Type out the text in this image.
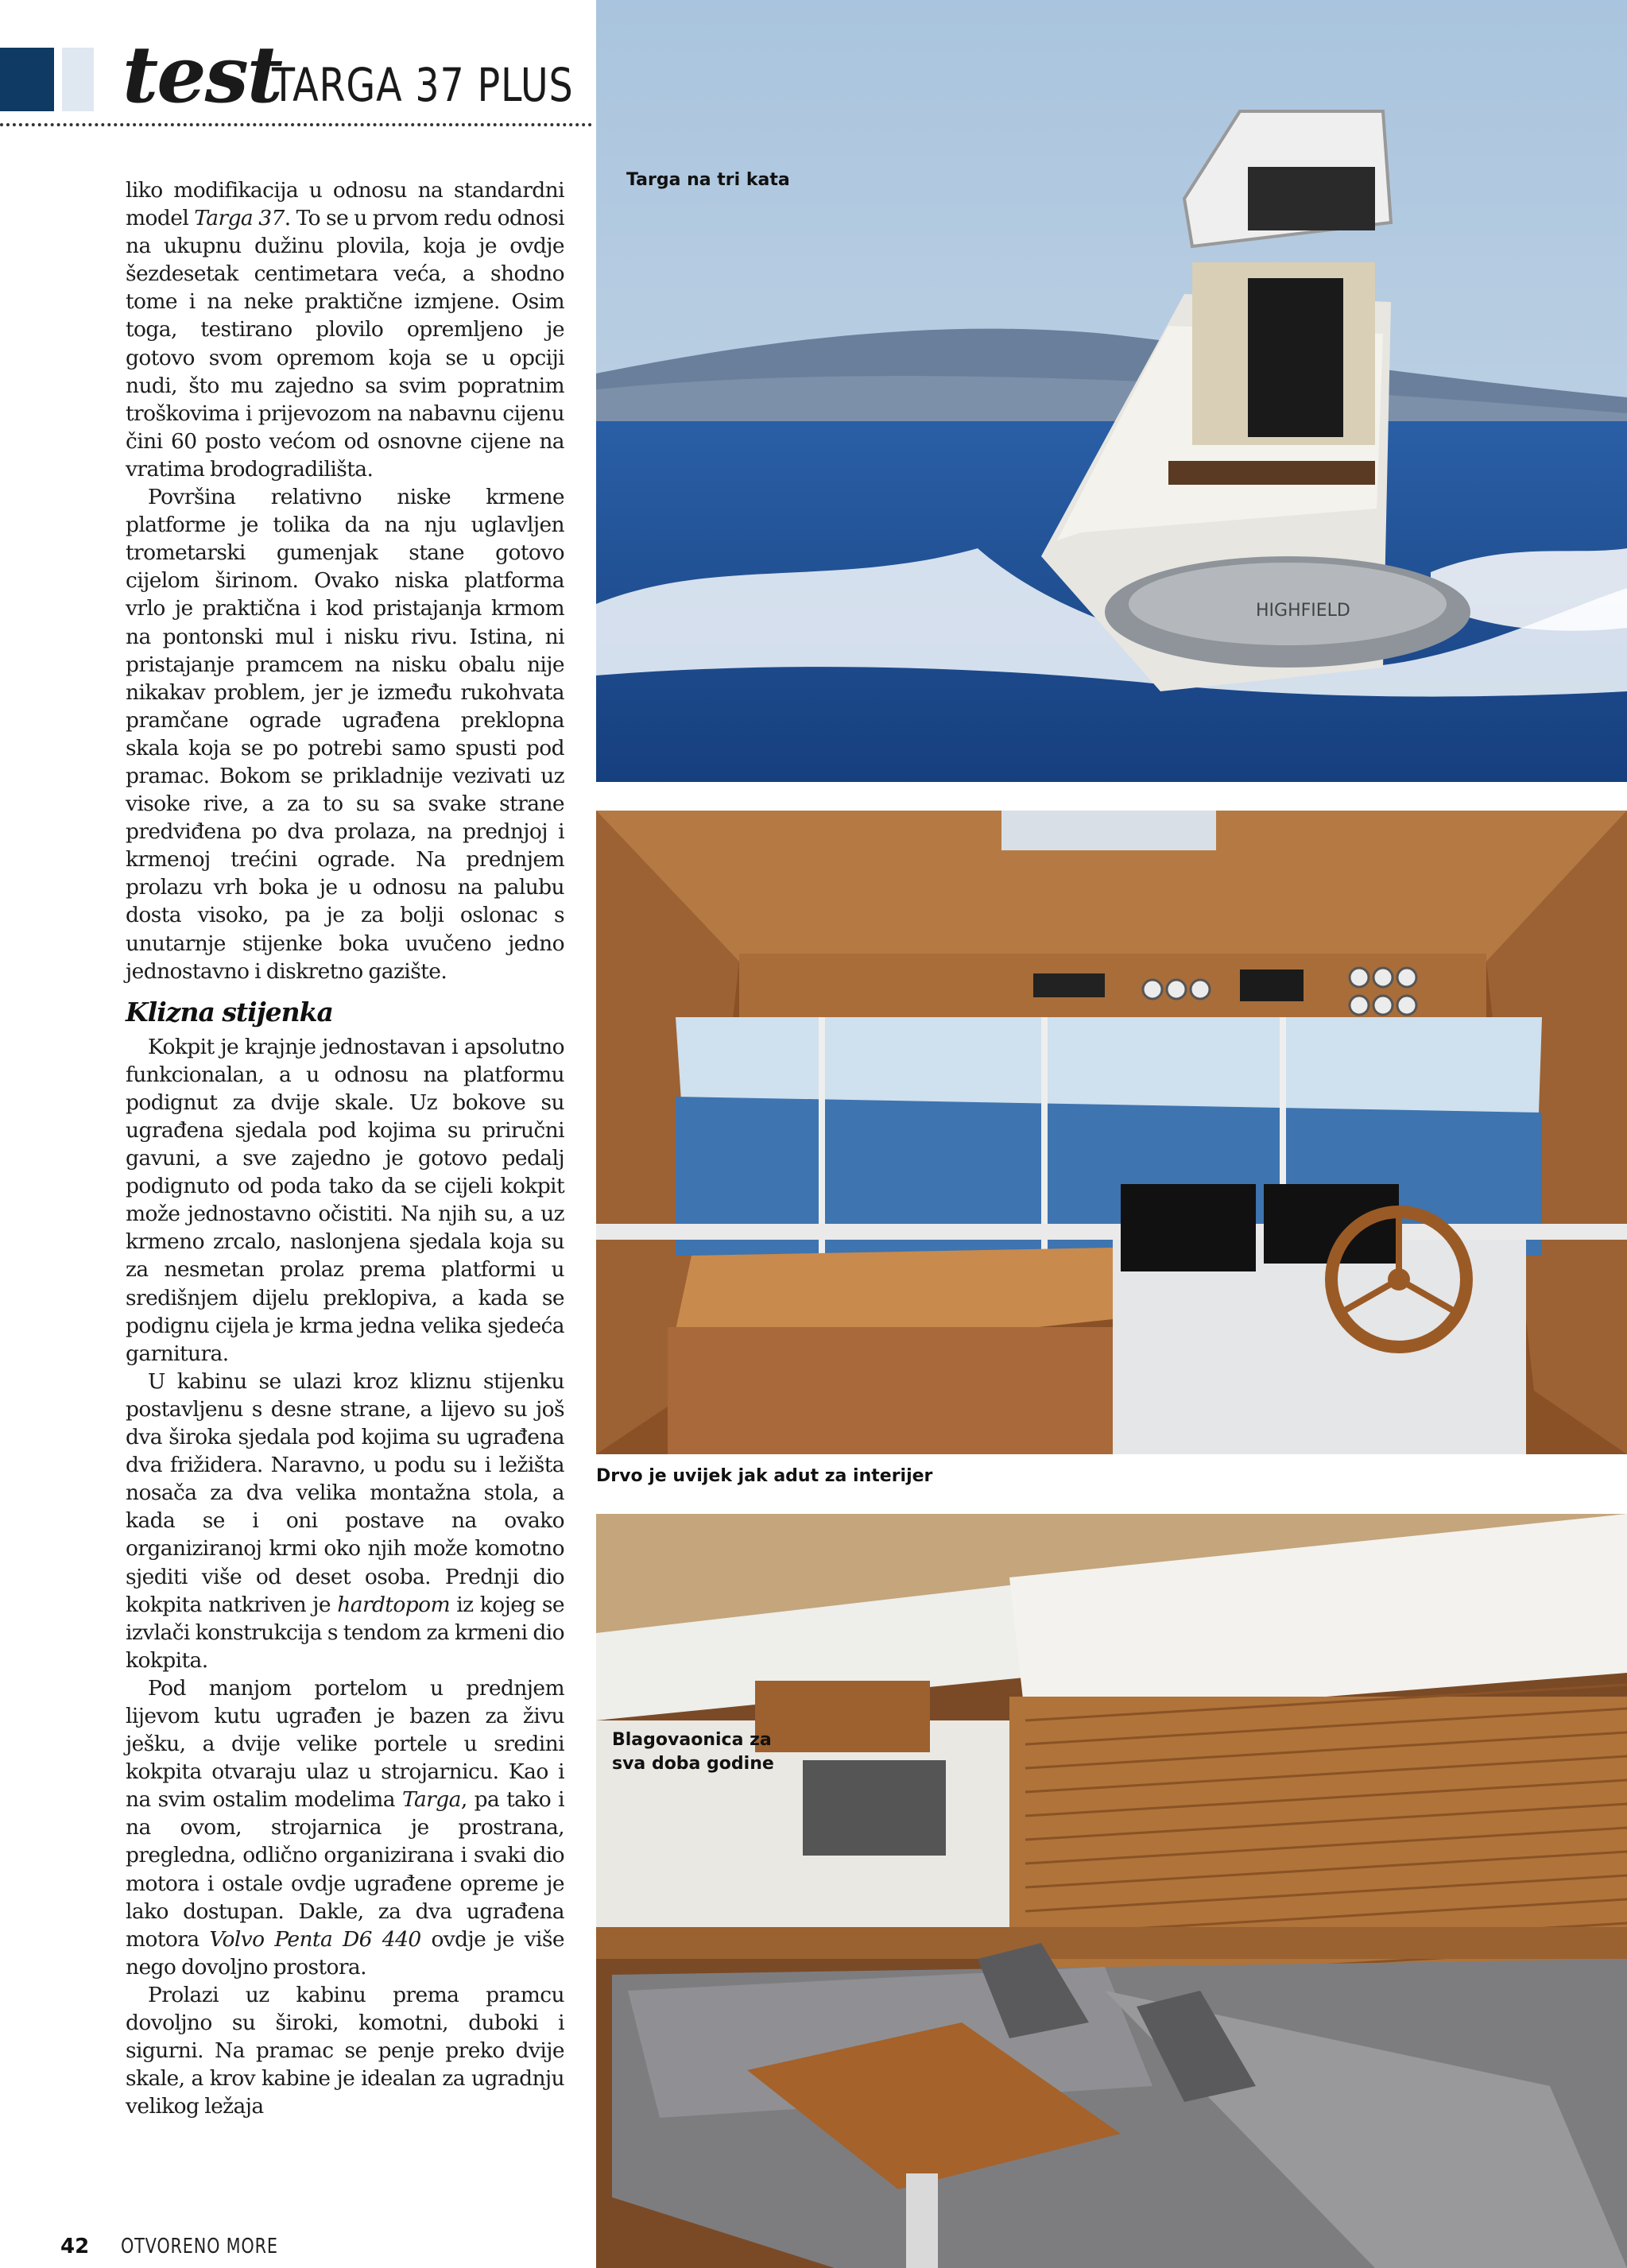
test
TARGA 37 PLUS

liko modifikacija u odnosu na standardni model Targa 37. To se u prvom redu odnosi na ukupnu dužinu plovila, koja je ovdje šezdesetak centimetara veća, a shodno tome i na neke praktične izmjene. Osim toga, testirano plovilo opremljeno je gotovo svom opremom koja se u opciji nudi, što mu zajedno sa svim popratnim troškovima i prijevozom na nabavnu cijenu čini 60 posto većom od osnovne cijene na vratima brodogradilišta.

Površina relativno niske krmene platforme je tolika da na nju uglavljen trometarski gumenjak stane gotovo cijelom širinom. Ovako niska platforma vrlo je praktična i kod pristajanja krmom na pontonski mul i nisku rivu. Istina, ni pristajanje pramcem na nisku obalu nije nikakav problem, jer je između rukohvata pramčane ograde ugrađena preklopna skala koja se po potrebi samo spusti pod pramac. Bokom se prikladnije vezivati uz visoke rive, a za to su sa svake strane predviđena po dva prolaza, na prednjoj i krmenoj trećini ograde. Na prednjem prolazu vrh boka je u odnosu na palubu dosta visoko, pa je za bolji oslonac s unutarnje stijenke boka uvučeno jedno jednostavno i diskretno gazište.

Klizna stijenka

Kokpit je krajnje jednostavan i apsolutno funkcionalan, a u odnosu na platformu podignut za dvije skale. Uz bokove su ugrađena sjedala pod kojima su priručni gavuni, a sve zajedno je gotovo pedalj podignuto od poda tako da se cijeli kokpit može jednostavno očistiti. Na njih su, a uz krmeno zrcalo, naslonjena sjedala koja su za nesmetan prolaz prema platformi u središnjem dijelu preklopiva, a kada se podignu cijela je krma jedna velika sjedeća garnitura.

U kabinu se ulazi kroz kliznu stijenku postavljenu s desne strane, a lijevo su još dva široka sjedala pod kojima su ugrađena dva frižidera. Naravno, u podu su i ležišta nosača za dva velika montažna stola, a kada se i oni postave na ovako organiziranoj krmi oko njih može komotno sjediti više od deset osoba. Prednji dio kokpita natkriven je hardtopom iz kojeg se izvlači konstrukcija s tendom za krmeni dio kokpita.

Pod manjom portelom u prednjem lijevom kutu ugrađen je bazen za živu ješku, a dvije velike portele u sredini kokpita otvaraju ulaz u strojarnicu. Kao i na svim ostalim modelima Targa, pa tako i na ovom, strojarnica je prostrana, pregledna, odlično organizirana i svaki dio motora i ostale ovdje ugrađene opreme je lako dostupan. Dakle, za dva ugrađena motora Volvo Penta D6 440 ovdje je više nego dovoljno prostora.

Prolazi uz kabinu prema pramcu dovoljno su široki, komotni, duboki i sigurni. Na pramac se penje preko dvije skale, a krov kabine je idealan za ugradnju velikog ležaja

42 OTVORENO MORE
HIGHFIELD
Targa na tri kata
Drvo je uvijek jak adut za interijer
Blagovaonica za sva doba godine
